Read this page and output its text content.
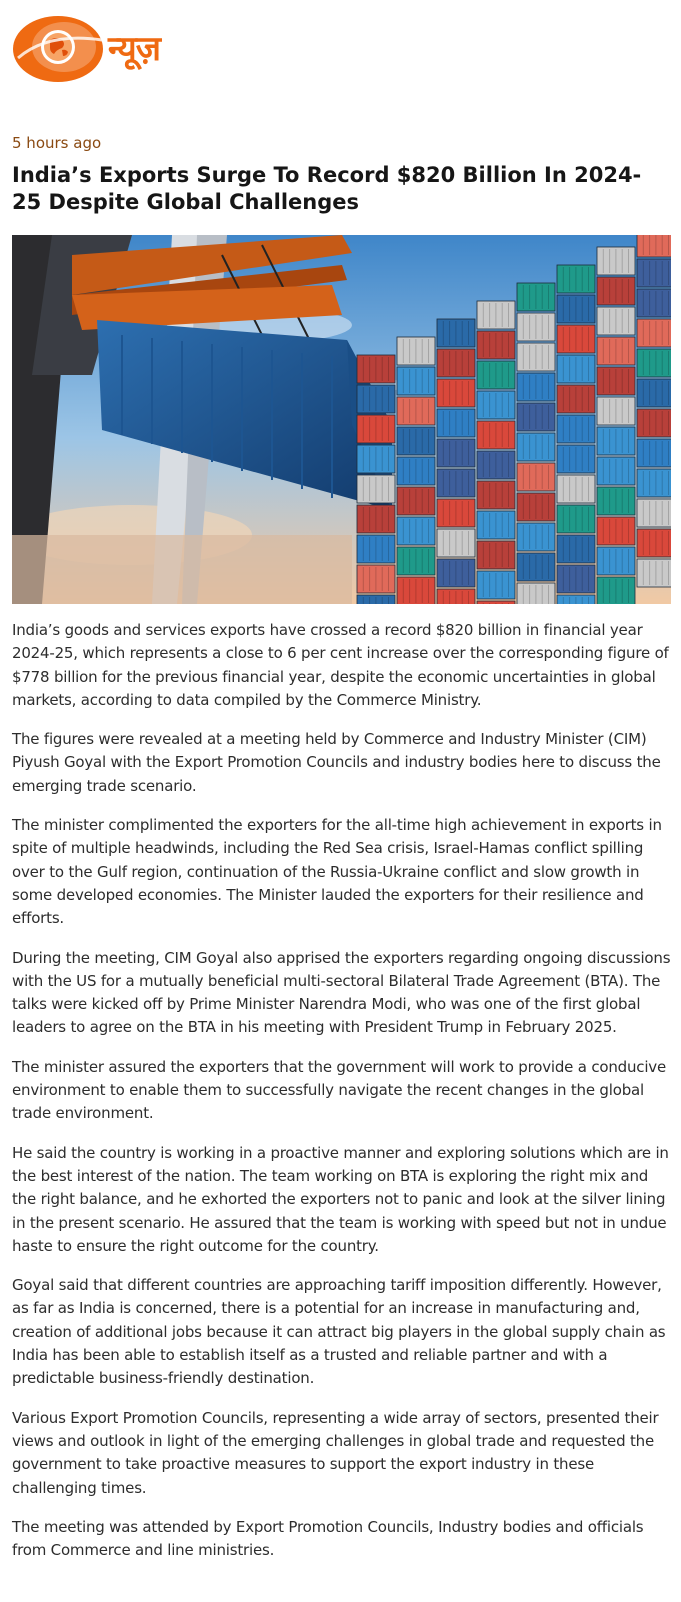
न्यूज़
5 hours ago
India’s Exports Surge To Record $820 Billion In 2024-25 Despite Global Challenges

India’s goods and services exports have crossed a record $820 billion in financial year 2024-25, which represents a close to 6 per cent increase over the corresponding figure of $778 billion for the previous financial year, despite the economic uncertainties in global markets, according to data compiled by the Commerce Ministry.

The figures were revealed at a meeting held by Commerce and Industry Minister (CIM) Piyush Goyal with the Export Promotion Councils and industry bodies here to discuss the emerging trade scenario.

The minister complimented the exporters for the all-time high achievement in exports in spite of multiple headwinds, including the Red Sea crisis, Israel-Hamas conflict spilling over to the Gulf region, continuation of the Russia-Ukraine conflict and slow growth in some developed economies. The Minister lauded the exporters for their resilience and efforts.

During the meeting, CIM Goyal also apprised the exporters regarding ongoing discussions with the US for a mutually beneficial multi-sectoral Bilateral Trade Agreement (BTA). The talks were kicked off by Prime Minister Narendra Modi, who was one of the first global leaders to agree on the BTA in his meeting with President Trump in February 2025.

The minister assured the exporters that the government will work to provide a conducive environment to enable them to successfully navigate the recent changes in the global trade environment.

He said the country is working in a proactive manner and exploring solutions which are in the best interest of the nation. The team working on BTA is exploring the right mix and the right balance, and he exhorted the exporters not to panic and look at the silver lining in the present scenario. He assured that the team is working with speed but not in undue haste to ensure the right outcome for the country.

Goyal said that different countries are approaching tariff imposition differently. However, as far as India is concerned, there is a potential for an increase in manufacturing and, creation of additional jobs because it can attract big players in the global supply chain as India has been able to establish itself as a trusted and reliable partner and with a predictable business-friendly destination.

Various Export Promotion Councils, representing a wide array of sectors, presented their views and outlook in light of the emerging challenges in global trade and requested the government to take proactive measures to support the export industry in these challenging times.

The meeting was attended by Export Promotion Councils, Industry bodies and officials from Commerce and line ministries.
